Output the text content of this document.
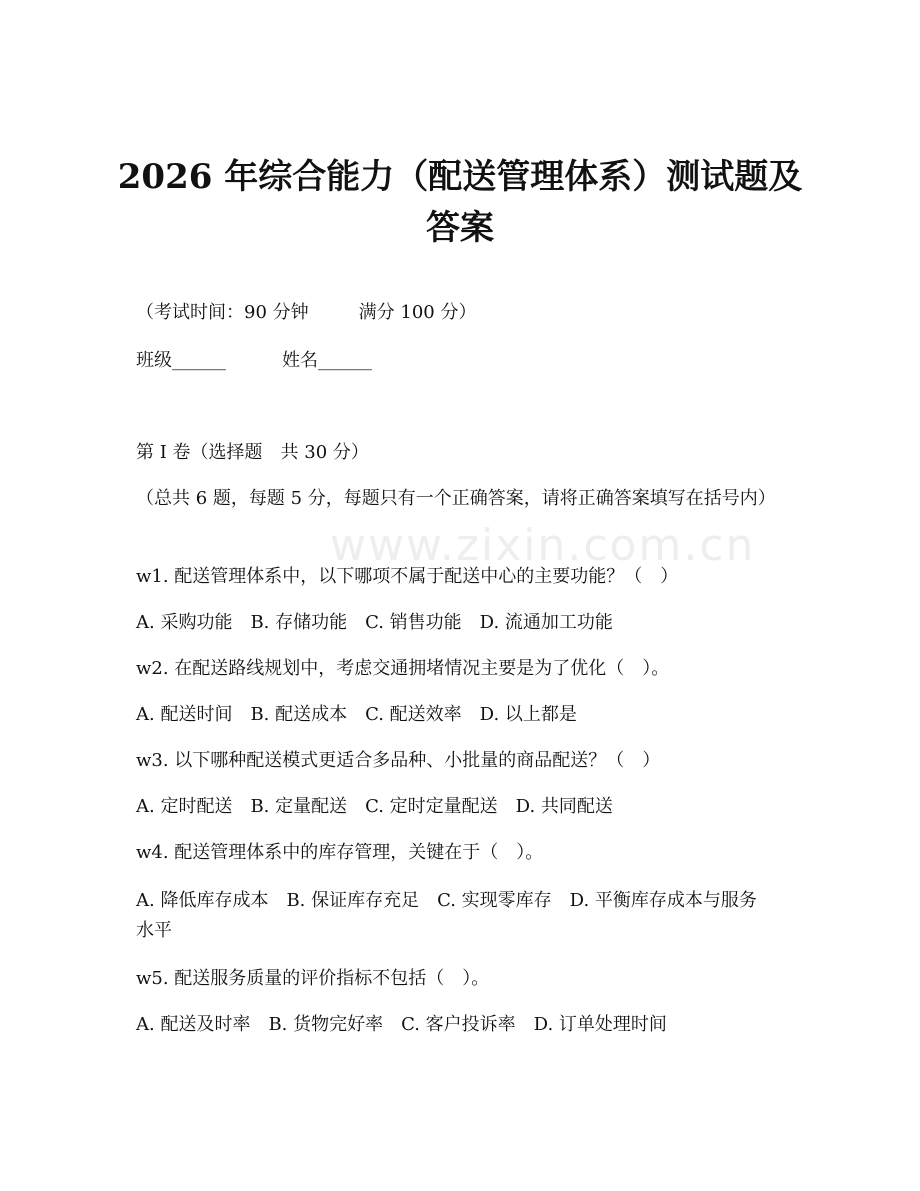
www.zixin.com.cn
2026 年综合能力（配送管理体系）测试题及
答案
（考试时间：90 分钟	满分 100 分）
班级______	姓名______
第 I 卷（选择题　共 30 分）
（总共 6 题，每题 5 分，每题只有一个正确答案，请将正确答案填写在括号内）
w1. 配送管理体系中，以下哪项不属于配送中心的主要功能？（　）
A. 采购功能　B. 存储功能　C. 销售功能　D. 流通加工功能
w2. 在配送路线规划中，考虑交通拥堵情况主要是为了优化（　）。
A. 配送时间　B. 配送成本　C. 配送效率　D. 以上都是
w3. 以下哪种配送模式更适合多品种、小批量的商品配送？（　）
A. 定时配送　B. 定量配送　C. 定时定量配送　D. 共同配送
w4. 配送管理体系中的库存管理，关键在于（　）。
A. 降低库存成本　B. 保证库存充足　C. 实现零库存　D. 平衡库存成本与服务水平
w5. 配送服务质量的评价指标不包括（　）。
A. 配送及时率　B. 货物完好率　C. 客户投诉率　D. 订单处理时间
